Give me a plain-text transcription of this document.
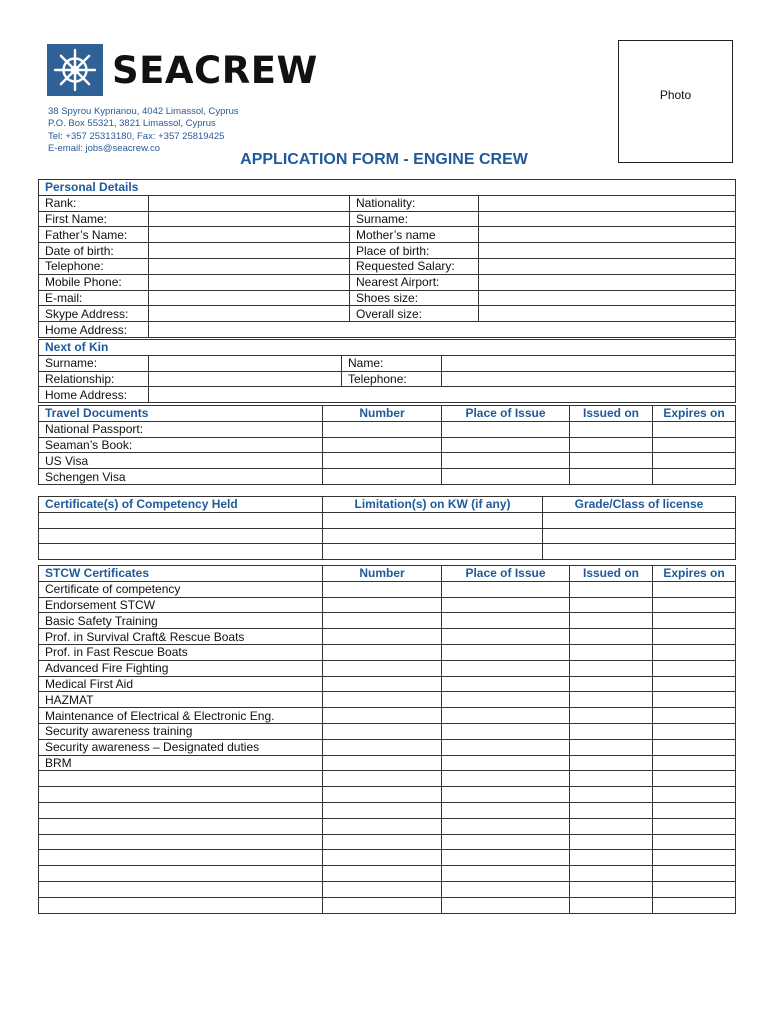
SEACREW
38 Spyrou Kyprianou, 4042 Limassol, Cyprus
P.O. Box 55321, 3821 Limassol, Cyprus
Tel: +357 25313180, Fax: +357 25819425
E-email: jobs@seacrew.co
Photo
APPLICATION FORM - ENGINE CREW
Personal Details			
Rank:		Nationality:	
First Name:		Surname:	
Father’s Name:		Mother’s name	
Date of birth:		Place of birth:	
Telephone:		Requested Salary:	
Mobile Phone:		Nearest Airport:	
E-mail:		Shoes size:	
Skype Address:		Overall size:	
Home Address:			
Next of Kin			
Surname:		Name:	
Relationship:		Telephone:	
Home Address:			
Travel Documents	Number	Place of Issue	Issued on	Expires on
National Passport:				
Seaman’s Book:				
US Visa				
Schengen Visa				
Certificate(s) of Competency Held	Limitation(s) on KW (if any)	Grade/Class of license

STCW Certificates	Number	Place of Issue	Issued on	Expires on
Certificate of competency				
Endorsement STCW				
Basic Safety Training				
Prof. in Survival Craft& Rescue Boats				
Prof. in Fast Rescue Boats				
Advanced Fire Fighting				
Medical First Aid				
HAZMAT				
Maintenance of Electrical & Electronic Eng.				
Security awareness training				
Security awareness – Designated duties				
BRM				
